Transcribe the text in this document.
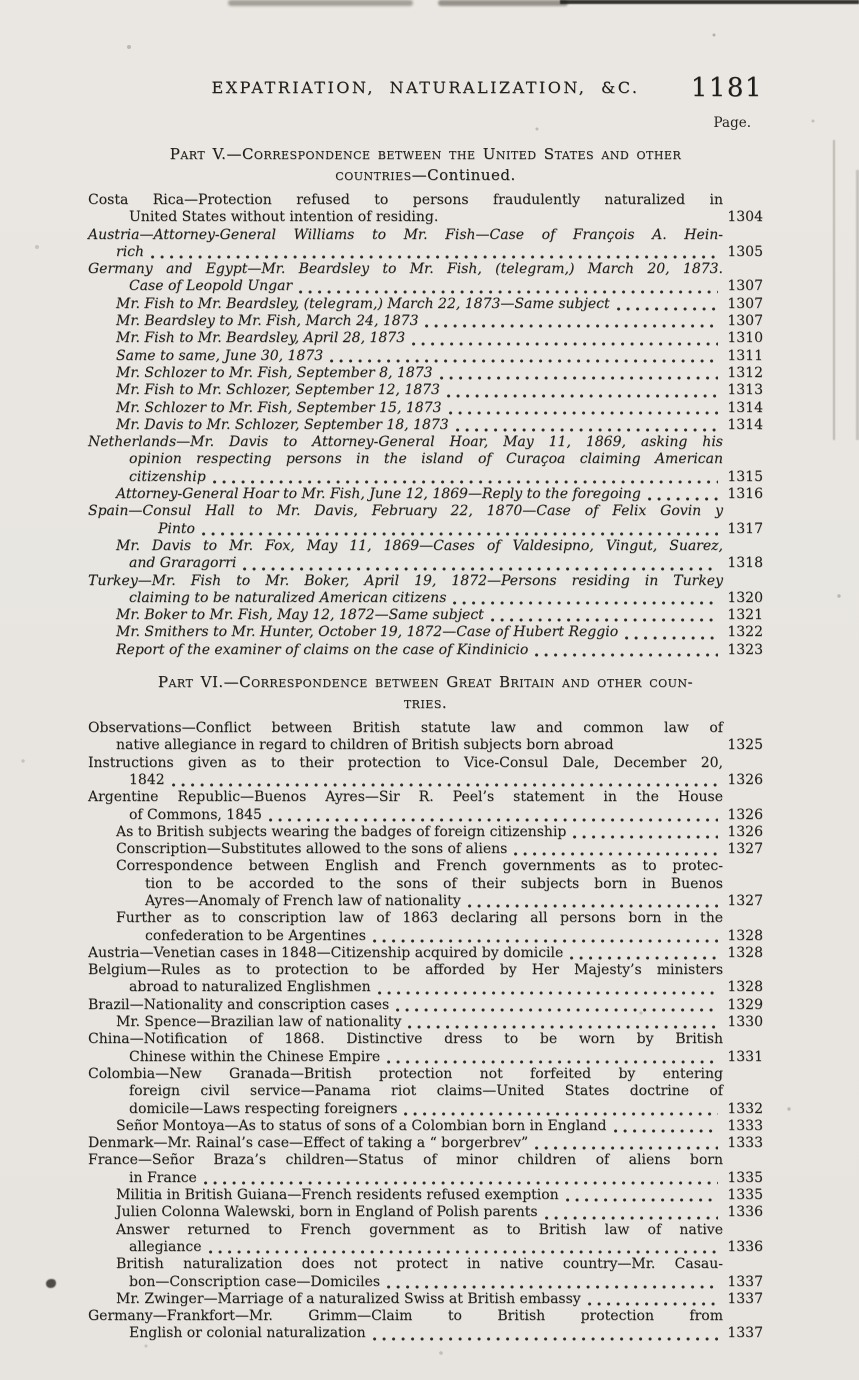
EXPATRIATION, NATURALIZATION, &C.	1181
Page.
Part V.—Correspondence between the United States and other
countries—Continued.
Costa Rica—Protection refused to persons fraudulently naturalized in
United States without intention of residing.	1304
Austria—Attorney-General Williams to Mr. Fish—Case of François A. Hein-
rich	1305
Germany and Egypt—Mr. Beardsley to Mr. Fish, (telegram,) March 20, 1873.
Case of Leopold Ungar	1307
Mr. Fish to Mr. Beardsley, (telegram,) March 22, 1873—Same subject	1307
Mr. Beardsley to Mr. Fish, March 24, 1873	1307
Mr. Fish to Mr. Beardsley, April 28, 1873	1310
Same to same, June 30, 1873	1311
Mr. Schlozer to Mr. Fish, September 8, 1873	1312
Mr. Fish to Mr. Schlozer, September 12, 1873	1313
Mr. Schlozer to Mr. Fish, September 15, 1873	1314
Mr. Davis to Mr. Schlozer, September 18, 1873	1314
Netherlands—Mr. Davis to Attorney-General Hoar, May 11, 1869, asking his
opinion respecting persons in the island of Curaçoa claiming American
citizenship	1315
Attorney-General Hoar to Mr. Fish, June 12, 1869—Reply to the foregoing	1316
Spain—Consul Hall to Mr. Davis, February 22, 1870—Case of Felix Govin y
Pinto	1317
Mr. Davis to Mr. Fox, May 11, 1869—Cases of Valdesipno, Vingut, Suarez,
and Graragorri	1318
Turkey—Mr. Fish to Mr. Boker, April 19, 1872—Persons residing in Turkey
claiming to be naturalized American citizens	1320
Mr. Boker to Mr. Fish, May 12, 1872—Same subject	1321
Mr. Smithers to Mr. Hunter, October 19, 1872—Case of Hubert Reggio	1322
Report of the examiner of claims on the case of Kindinicio	1323
Part VI.—Correspondence between Great Britain and other coun-
tries.
Observations—Conflict between British statute law and common law of
native allegiance in regard to children of British subjects born abroad	1325
Instructions given as to their protection to Vice-Consul Dale, December 20,
1842	1326
Argentine Republic—Buenos Ayres—Sir R. Peel’s statement in the House
of Commons, 1845	1326
As to British subjects wearing the badges of foreign citizenship	1326
Conscription—Substitutes allowed to the sons of aliens	1327
Correspondence between English and French governments as to protec-
tion to be accorded to the sons of their subjects born in Buenos
Ayres—Anomaly of French law of nationality	1327
Further as to conscription law of 1863 declaring all persons born in the
confederation to be Argentines	1328
Austria—Venetian cases in 1848—Citizenship acquired by domicile	1328
Belgium—Rules as to protection to be afforded by Her Majesty’s ministers
abroad to naturalized Englishmen	1328
Brazil—Nationality and conscription cases	1329
Mr. Spence—Brazilian law of nationality	1330
China—Notification of 1868. Distinctive dress to be worn by British
Chinese within the Chinese Empire	1331
Colombia—New Granada—British protection not forfeited by entering
foreign civil service—Panama riot claims—United States doctrine of
domicile—Laws respecting foreigners	1332
Señor Montoya—As to status of sons of a Colombian born in England	1333
Denmark—Mr. Rainal’s case—Effect of taking a “ borgerbrev”	1333
France—Señor Braza’s children—Status of minor children of aliens born
in France	1335
Militia in British Guiana—French residents refused exemption	1335
Julien Colonna Walewski, born in England of Polish parents	1336
Answer returned to French government as to British law of native
allegiance	1336
British naturalization does not protect in native country—Mr. Casau-
bon—Conscription case—Domiciles	1337
Mr. Zwinger—Marriage of a naturalized Swiss at British embassy	1337
Germany—Frankfort—Mr. Grimm—Claim to British protection from
English or colonial naturalization	1337
